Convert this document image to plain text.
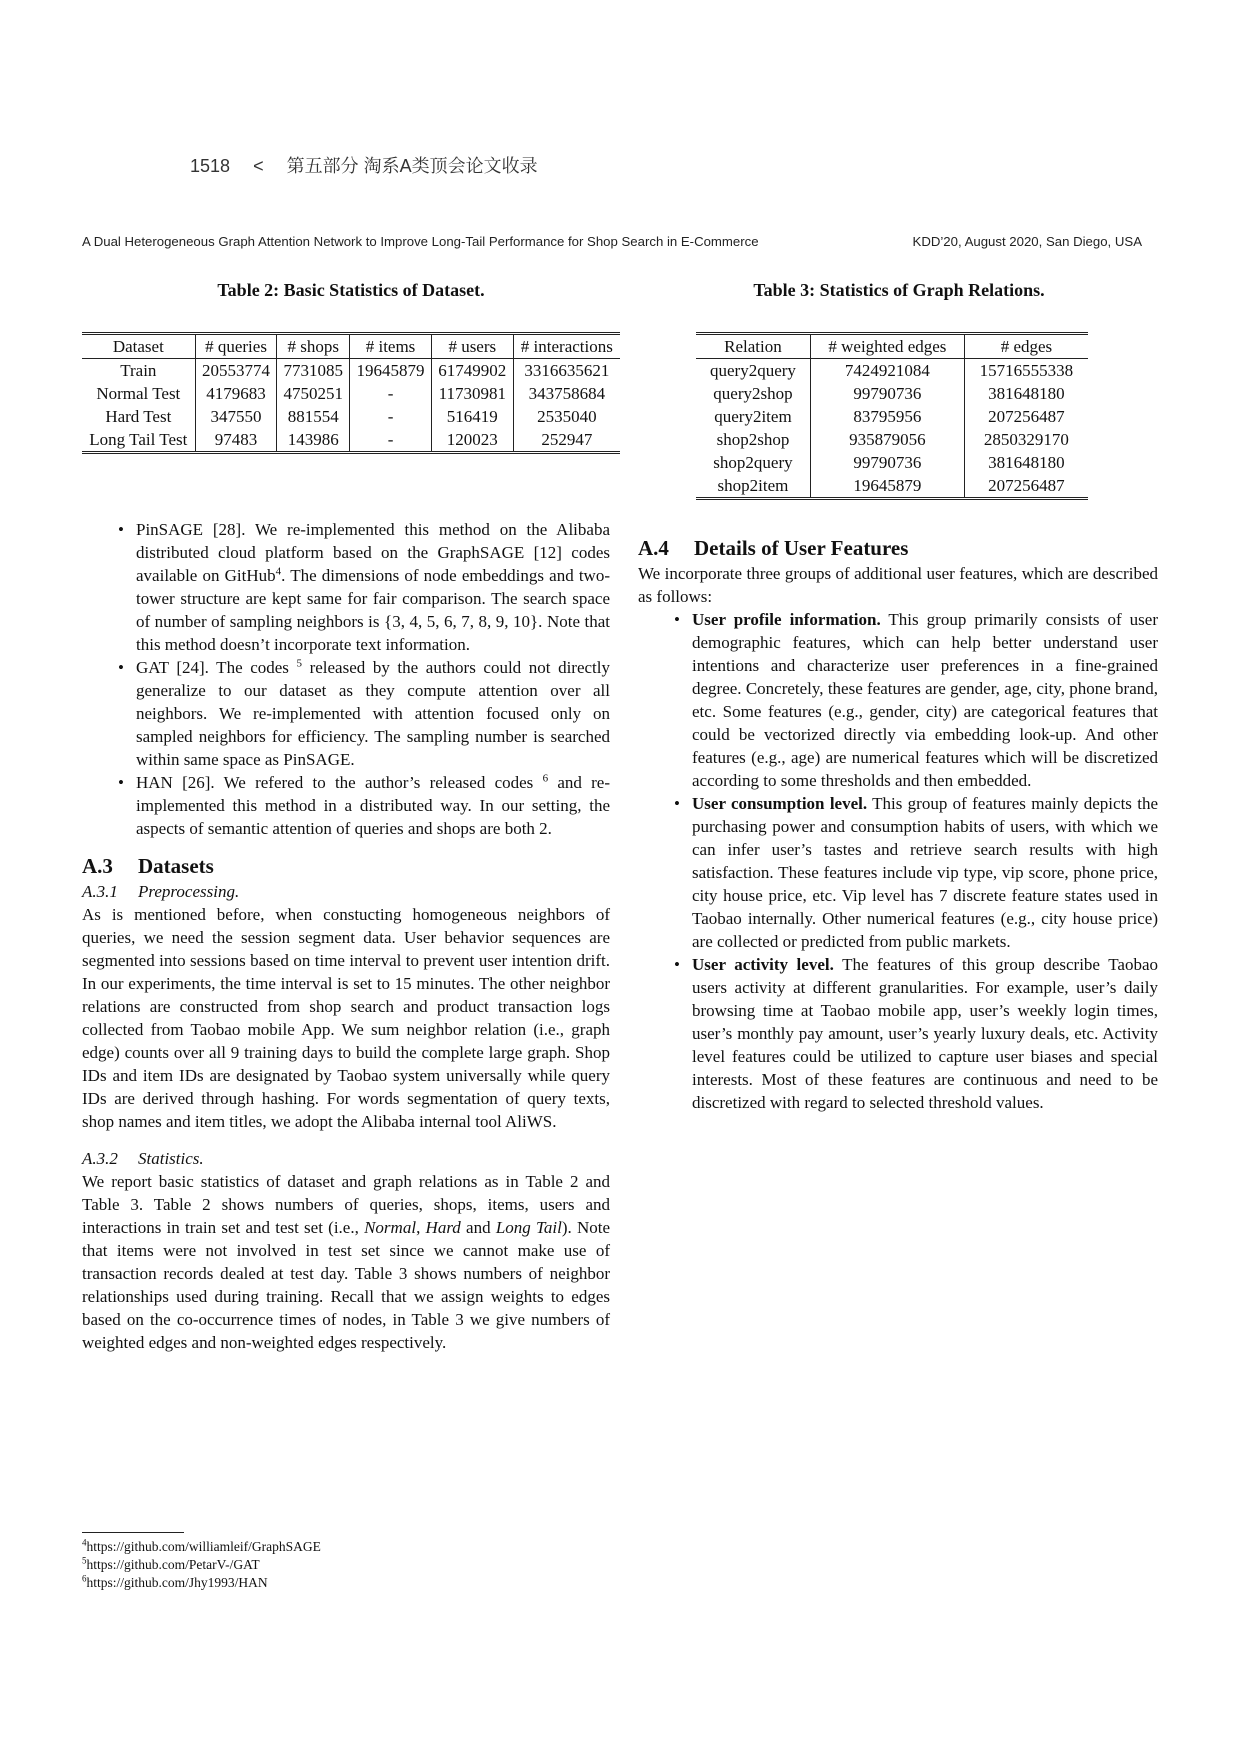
1518 < 第五部分 淘系A类顶会论文收录
A Dual Heterogeneous Graph Attention Network to Improve Long-Tail Performance for Shop Search in E-Commerce	KDD’20, August 2020, San Diego, USA
Table 2: Basic Statistics of Dataset.
Dataset	# queries	# shops	# items	# users	# interactions
Train	20553774	7731085	19645879	61749902	3316635621
Normal Test	4179683	4750251	-	11730981	343758684
Hard Test	347550	881554	-	516419	2535040
Long Tail Test	97483	143986	-	120023	252947
Table 3: Statistics of Graph Relations.
Relation	# weighted edges	# edges
query2query	7424921084	15716555338
query2shop	99790736	381648180
query2item	83795956	207256487
shop2shop	935879056	2850329170
shop2query	99790736	381648180
shop2item	19645879	207256487
• PinSAGE [28]. We re-implemented this method on the Alibaba distributed cloud platform based on the GraphSAGE [12] codes available on GitHub$^4$. The dimensions of node embeddings and two-tower structure are kept same for fair comparison. The search space of number of sampling neighbors is {3, 4, 5, 6, 7, 8, 9, 10}. Note that this method doesn’t incorporate text information.
• GAT [24]. The codes $^5$ released by the authors could not directly generalize to our dataset as they compute attention over all neighbors. We re-implemented with attention focused only on sampled neighbors for efficiency. The sampling number is searched within same space as PinSAGE.
• HAN [26]. We refered to the author’s released codes $^6$ and re-implemented this method in a distributed way. In our setting, the aspects of semantic attention of queries and shops are both 2.
A.3 Datasets
A.3.1 Preprocessing.

As is mentioned before, when constucting homogeneous neighbors of queries, we need the session segment data. User behavior sequences are segmented into sessions based on time interval to prevent user intention drift. In our experiments, the time interval is set to 15 minutes. The other neighbor relations are constructed from shop search and product transaction logs collected from Taobao mobile App. We sum neighbor relation (i.e., graph edge) counts over all 9 training days to build the complete large graph. Shop IDs and item IDs are designated by Taobao system universally while query IDs are derived through hashing. For words segmentation of query texts, shop names and item titles, we adopt the Alibaba internal tool AliWS.

A.3.2 Statistics.

We report basic statistics of dataset and graph relations as in Table 2 and Table 3. Table 2 shows numbers of queries, shops, items, users and interactions in train set and test set (i.e., Normal, Hard and Long Tail). Note that items were not involved in test set since we cannot make use of transaction records dealed at test day. Table 3 shows numbers of neighbor relationships used during training. Recall that we assign weights to edges based on the co-occurrence times of nodes, in Table 3 we give numbers of weighted edges and non-weighted edges respectively.

A.4 Details of User Features

We incorporate three groups of additional user features, which are described as follows:

• User profile information. This group primarily consists of user demographic features, which can help better understand user intentions and characterize user preferences in a fine-grained degree. Concretely, these features are gender, age, city, phone brand, etc. Some features (e.g., gender, city) are categorical features that could be vectorized directly via embedding look-up. And other features (e.g., age) are numerical features which will be discretized according to some thresholds and then embedded.
• User consumption level. This group of features mainly depicts the purchasing power and consumption habits of users, with which we can infer user’s tastes and retrieve search results with high satisfaction. These features include vip type, vip score, phone price, city house price, etc. Vip level has 7 discrete feature states used in Taobao internally. Other numerical features (e.g., city house price) are collected or predicted from public markets.
• User activity level. The features of this group describe Taobao users activity at different granularities. For example, user’s daily browsing time at Taobao mobile app, user’s weekly login times, user’s monthly pay amount, user’s yearly luxury deals, etc. Activity level features could be utilized to capture user biases and special interests. Most of these features are continuous and need to be discretized with regard to selected threshold values.
$^4$https://github.com/williamleif/GraphSAGE
$^5$https://github.com/PetarV-/GAT
$^6$https://github.com/Jhy1993/HAN
